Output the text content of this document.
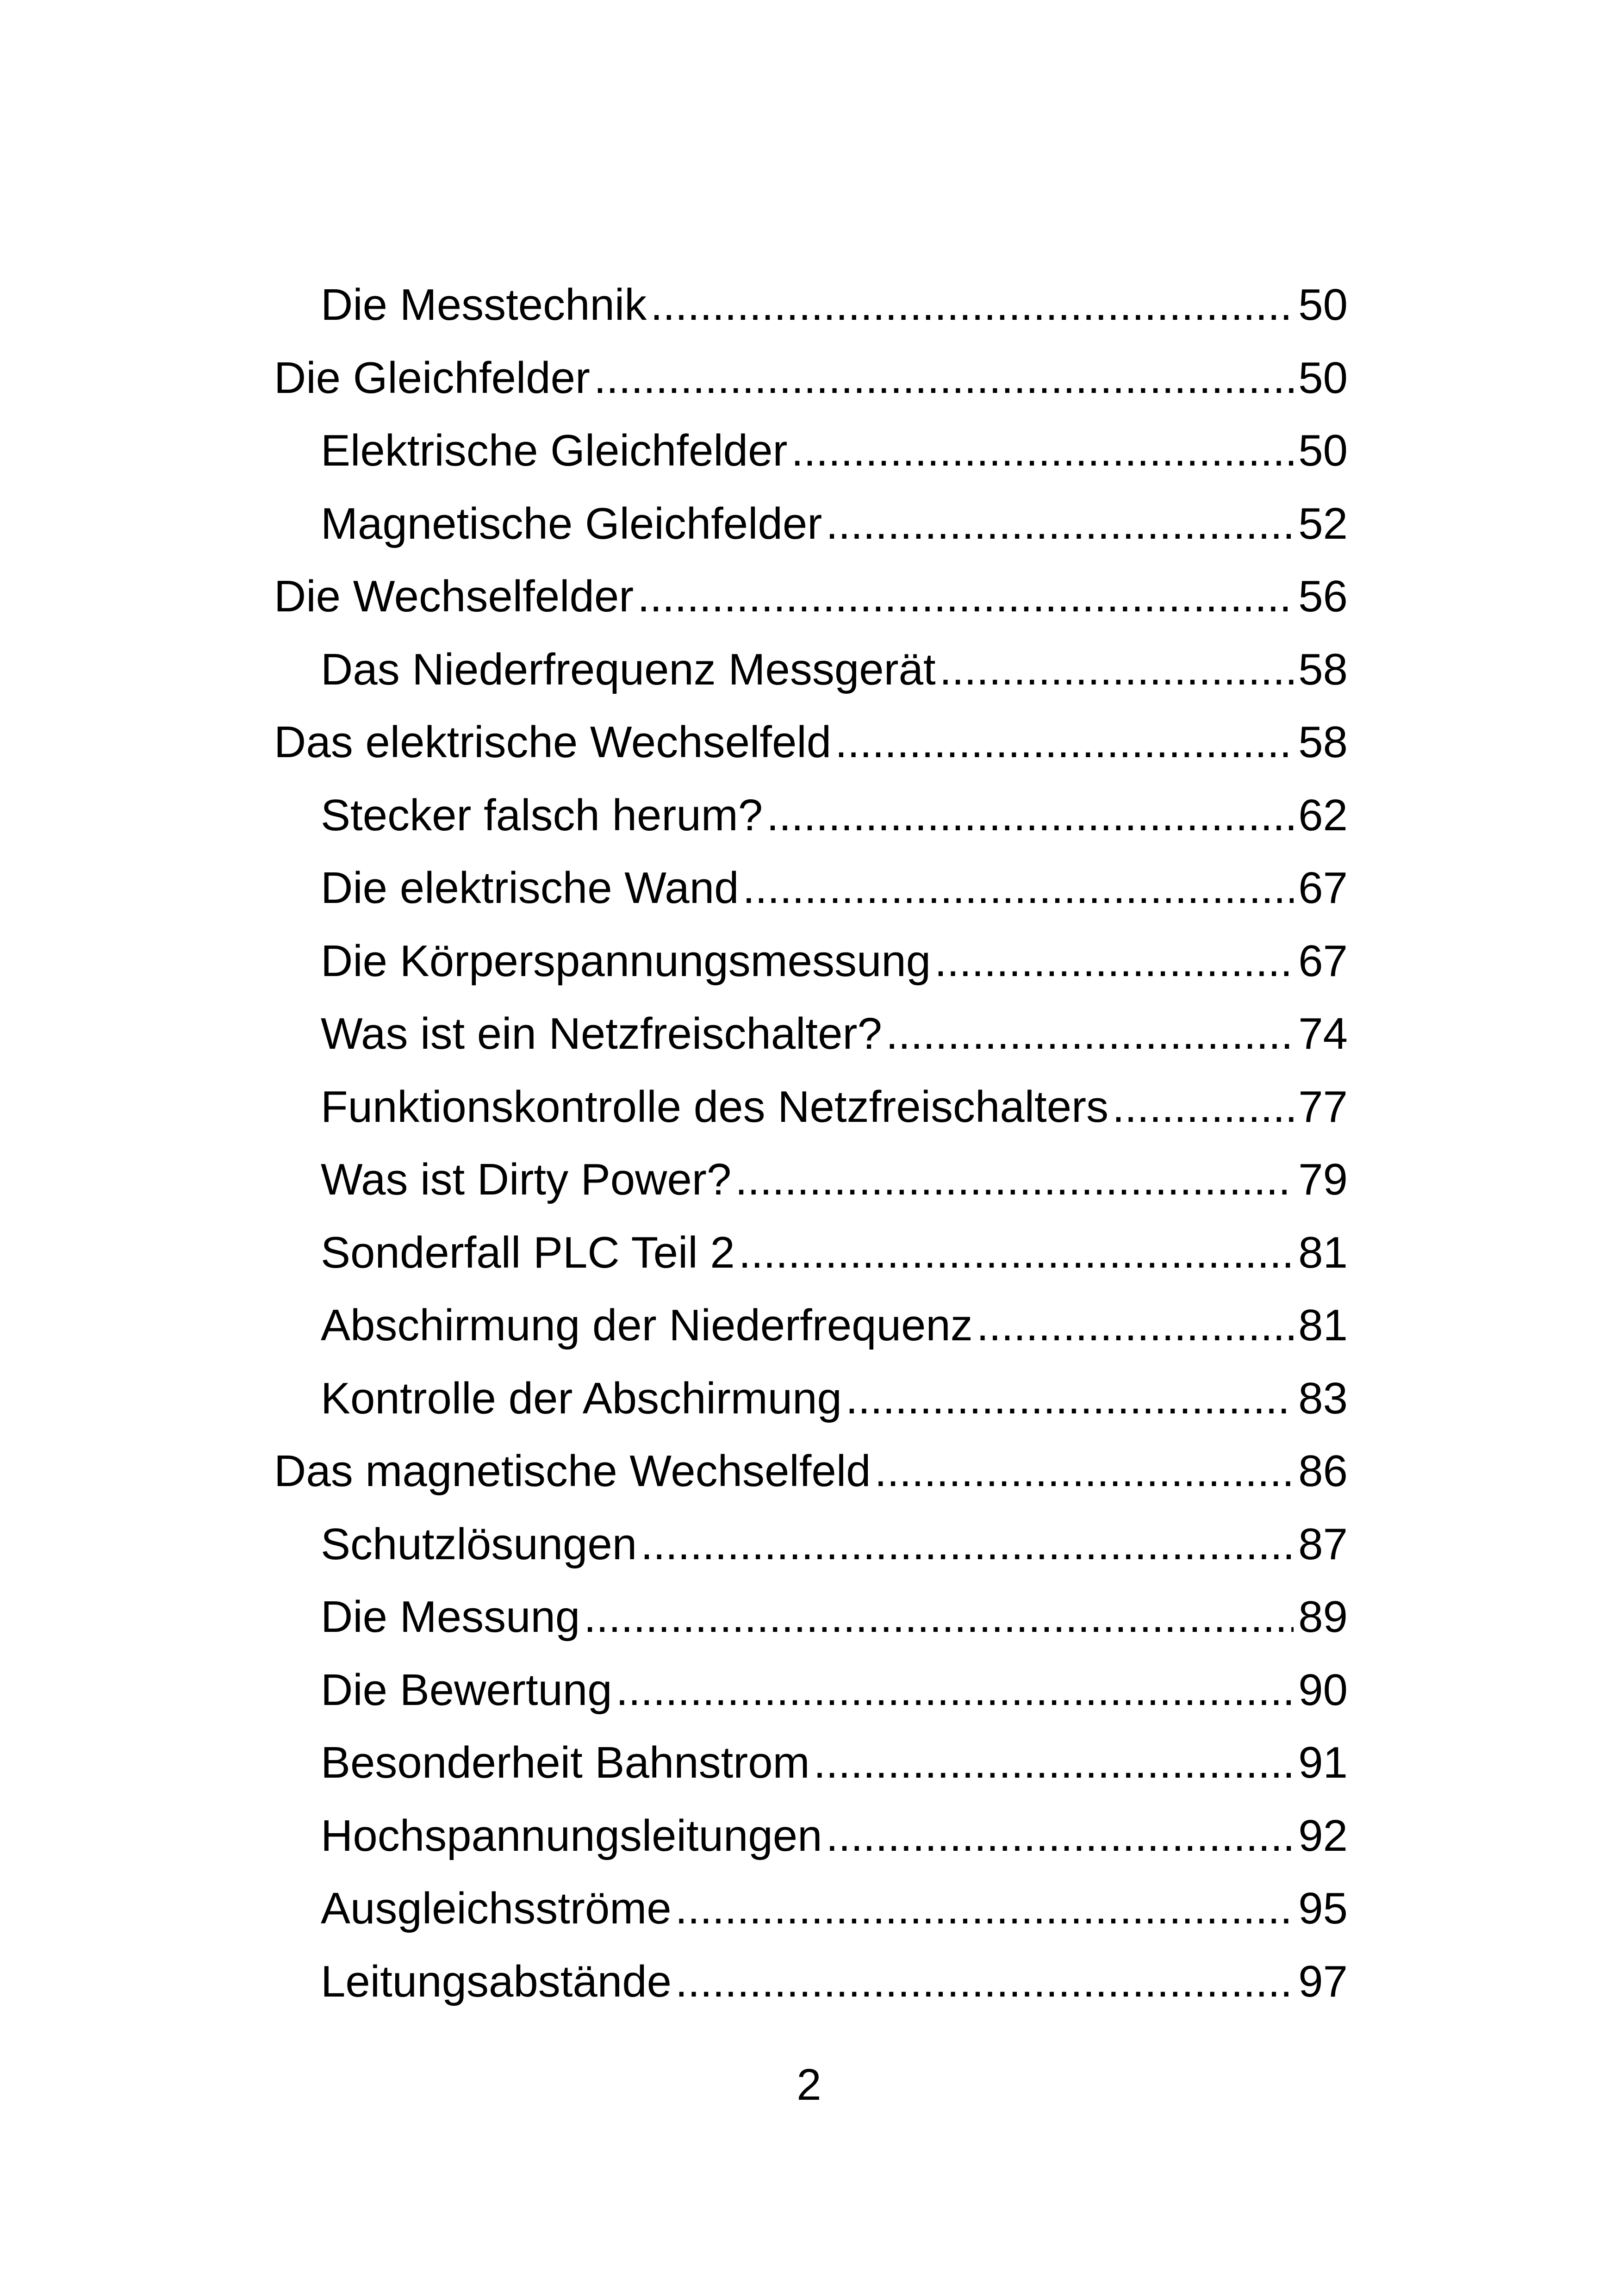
Die Messtechnik .....	50
Die Gleichfelder .....	50
Elektrische Gleichfelder .....	50
Magnetische Gleichfelder .....	52
Die Wechselfelder .....	56
Das Niederfrequenz Messgerät .....	58
Das elektrische Wechselfeld .....	58
Stecker falsch herum? .....	62
Die elektrische Wand .....	67
Die Körperspannungsmessung .....	67
Was ist ein Netzfreischalter? .....	74
Funktionskontrolle des Netzfreischalters .....	77
Was ist Dirty Power? .....	79
Sonderfall PLC Teil 2 .....	81
Abschirmung der Niederfrequenz .....	81
Kontrolle der Abschirmung .....	83
Das magnetische Wechselfeld .....	86
Schutzlösungen .....	87
Die Messung .....	89
Die Bewertung .....	90
Besonderheit Bahnstrom .....	91
Hochspannungsleitungen .....	92
Ausgleichsströme .....	95
Leitungsabstände .....	97
2
